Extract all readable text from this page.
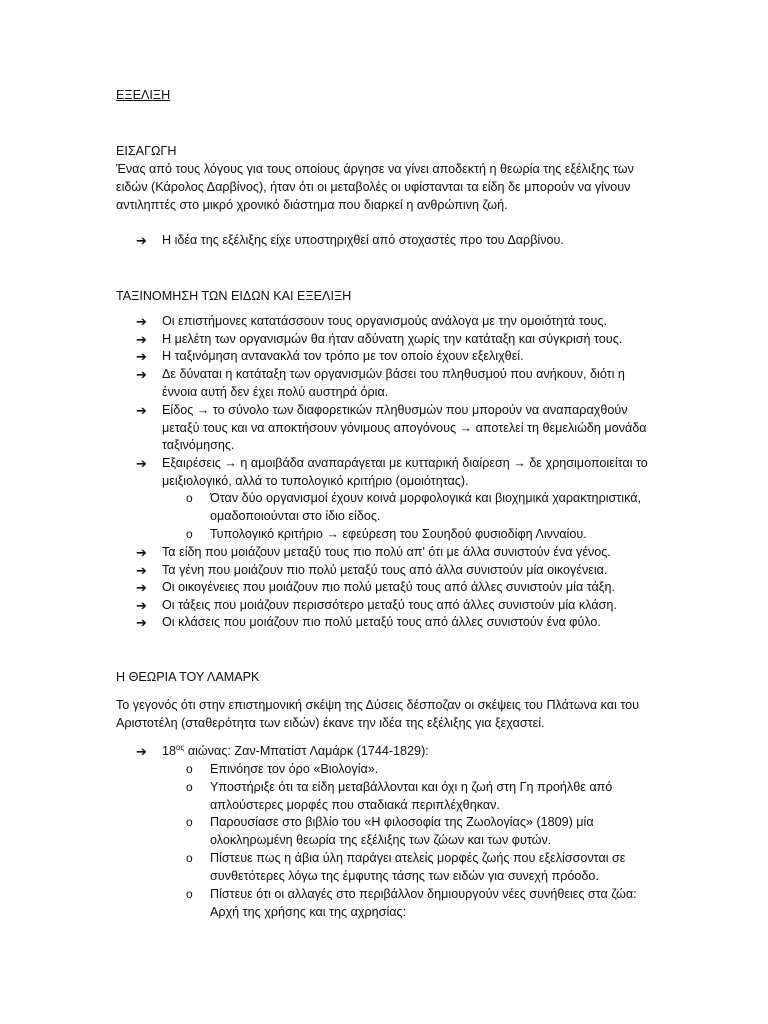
ΕΞΕΛΙΞΗ
ΕΙΣΑΓΩΓΗ
Ένας από τους λόγους για τους οποίους άργησε να γίνει αποδεκτή η θεωρία της εξέλιξης των ειδών (Κάρολος Δαρβίνος), ήταν ότι οι μεταβολές οι υφίστανται τα είδη δε μπορούν να γίνουν αντιληπτές στο μικρό χρονικό διάστημα που διαρκεί η ανθρώπινη ζωή.
➔ Η ιδέα της εξέλιξης είχε υποστηριχθεί από στοχαστές προ του Δαρβίνου.
ΤΑΞΙΝΟΜΗΣΗ ΤΩΝ ΕΙΔΩΝ ΚΑΙ ΕΞΕΛΙΞΗ
➔ Οι επιστήμονες κατατάσσουν τους οργανισμούς ανάλογα με την ομοιότητά τους.
➔ Η μελέτη των οργανισμών θα ήταν αδύνατη χωρίς την κατάταξη και σύγκρισή τους.
➔ Η ταξινόμηση αντανακλά τον τρόπο με τον οποίο έχουν εξελιχθεί.
➔ Δε δύναται η κατάταξη των οργανισμών βάσει του πληθυσμού που ανήκουν, διότι η έννοια αυτή δεν έχει πολύ αυστηρά όρια.
➔ Είδος → το σύνολο των διαφορετικών πληθυσμών που μπορούν να αναπαραχθούν μεταξύ τους και να αποκτήσουν γόνιμους απογόνους → αποτελεί τη θεμελιώδη μονάδα ταξινόμησης.
➔ Εξαιρέσεις → η αμοιβάδα αναπαράγεται με κυτταρική διαίρεση → δε χρησιμοποιείται το μειξιολογικό, αλλά το τυπολογικό κριτήριο (ομοιότητας).
o Όταν δύο οργανισμοί έχουν κοινά μορφολογικά και βιοχημικά χαρακτηριστικά, ομαδοποιούνται στο ίδιο είδος.
o Τυπολογικό κριτήριο → εφεύρεση του Σουηδού φυσιοδίφη Λινναίου.
➔ Τα είδη που μοιάζουν μεταξύ τους πιο πολύ απ' ότι με άλλα συνιστούν ένα γένος.
➔ Τα γένη που μοιάζουν πιο πολύ μεταξύ τους από άλλα συνιστούν μία οικογένεια.
➔ Οι οικογένειες που μοιάζουν πιο πολύ μεταξύ τους από άλλες συνιστούν μία τάξη.
➔ Οι τάξεις που μοιάζουν περισσότερο μεταξύ τους από άλλες συνιστούν μία κλάση.
➔ Οι κλάσεις που μοιάζουν πιο πολύ μεταξύ τους από άλλες συνιστούν ένα φύλο.
Η ΘΕΩΡΙΑ ΤΟΥ ΛΑΜΑΡΚ
Το γεγονός ότι στην επιστημονική σκέψη της Δύσεις δέσποζαν οι σκέψεις του Πλάτωνα και του Αριστοτέλη (σταθερότητα των ειδών) έκανε την ιδέα της εξέλιξης για ξεχαστεί.
➔ $18^{o\varsigma}$ αιώνας: Ζαν-Μπατίστ Λαμάρκ (1744-1829):
o Επινόησε τον όρο «Βιολογία».
o Υποστήριξε ότι τα είδη μεταβάλλονται και όχι η ζωή στη Γη προήλθε από απλούστερες μορφές που σταδιακά περιπλέχθηκαν.
o Παρουσίασε στο βιβλίο του «Η φιλοσοφία της Ζωολογίας» (1809) μία ολοκληρωμένη θεωρία της εξέλιξης των ζώων και των φυτών.
o Πίστευε πως η άβια ύλη παράγει ατελείς μορφές ζωής που εξελίσσονται σε συνθετότερες λόγω της έμφυτης τάσης των ειδών για συνεχή πρόοδο.
o Πίστευε ότι οι αλλαγές στο περιβάλλον δημιουργούν νέες συνήθειες στα ζώα: Αρχή της χρήσης και της αχρησίας:
